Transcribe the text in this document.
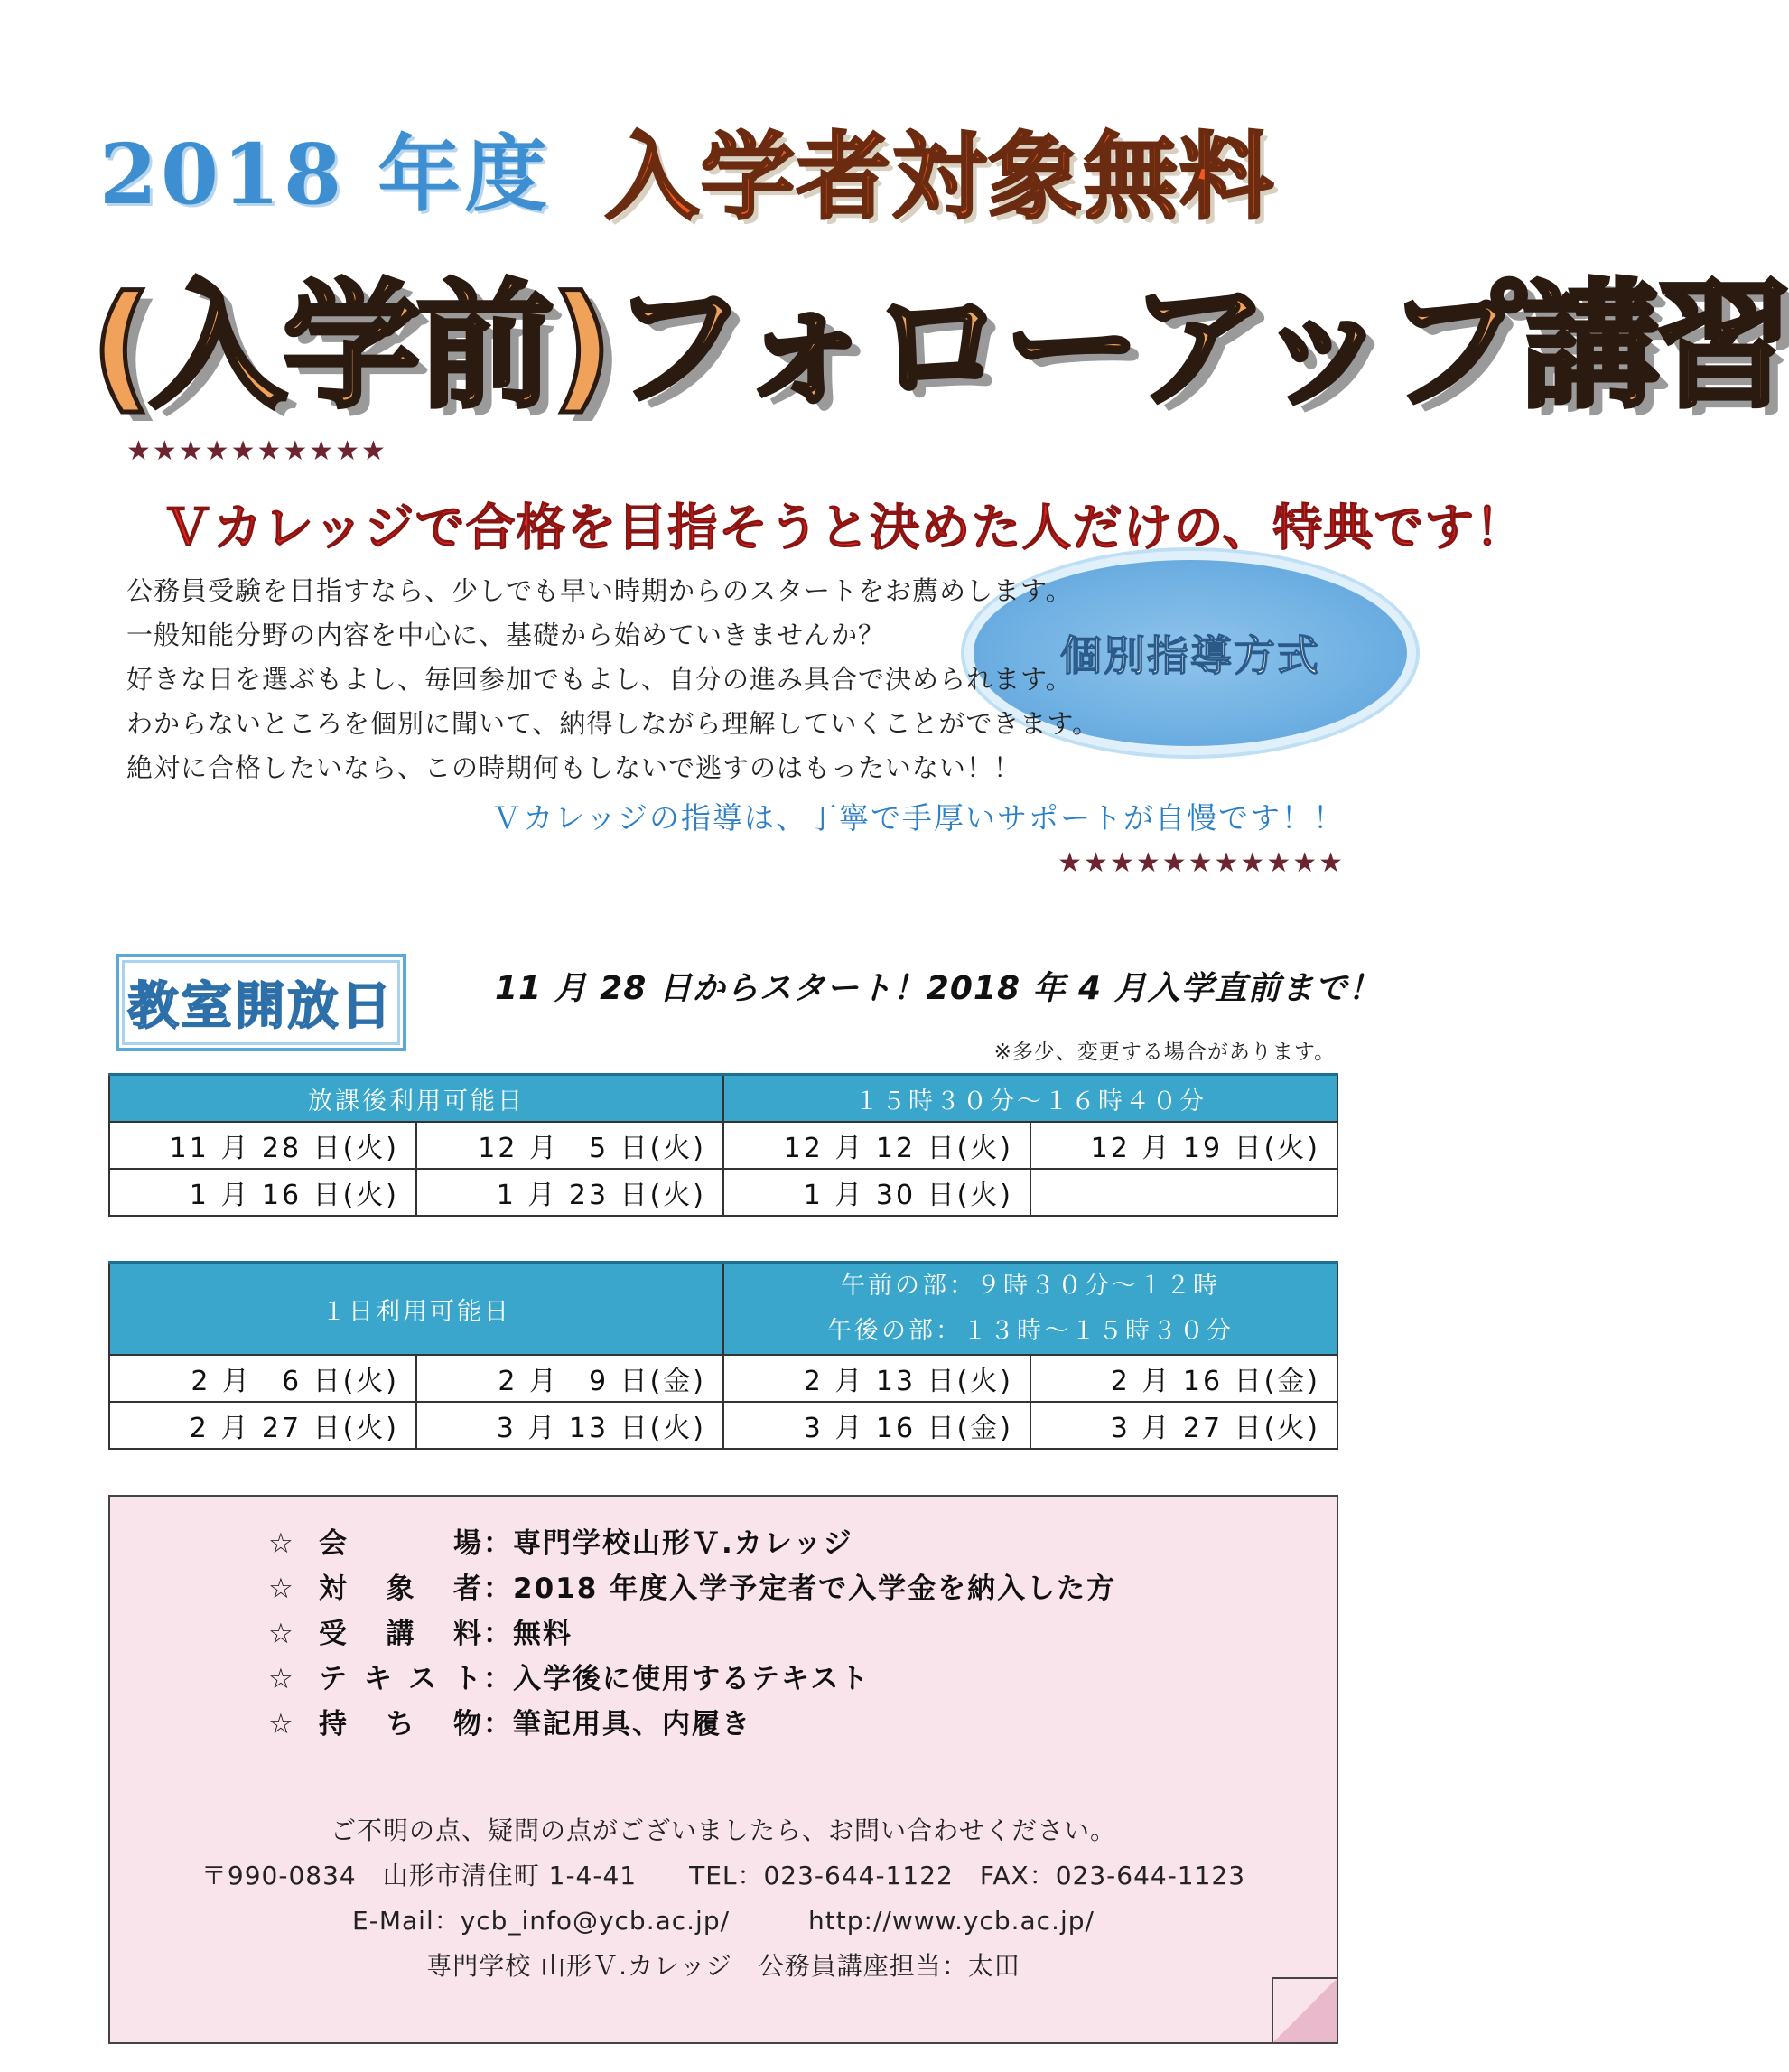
2018 年度 入学者対象無料
(入学前)フォローアップ講習
★★★★★★★★★★
Ｖカレッジで合格を目指そうと決めた人だけの、特典です！
個別指導方式
公務員受験を目指すなら、少しでも早い時期からのスタートをお薦めします。
一般知能分野の内容を中心に、基礎から始めていきませんか？
好きな日を選ぶもよし、毎回参加でもよし、自分の進み具合で決められます。
わからないところを個別に聞いて、納得しながら理解していくことができます。
絶対に合格したいなら、この時期何もしないで逃すのはもったいない！！
Ｖカレッジの指導は、丁寧で手厚いサポートが自慢です！！
★★★★★★★★★★★
教室開放日	11 月 28 日からスタート！2018 年 4 月入学直前まで！
※多少、変更する場合があります。
放課後利用可能日		１５時３０分～１６時４０分	
11 月 28 日(火)	12 月　5 日(火)	12 月 12 日(火)	12 月 19 日(火)
1 月 16 日(火)	1 月 23 日(火)	1 月 30 日(火)	
１日利用可能日		午前の部：９時３０分～１２時
午後の部：１３時～１５時３０分	

2 月　6 日(火)	2 月　9 日(金)	2 月 13 日(火)	2 月 16 日(金)
2 月 27 日(火)	3 月 13 日(火)	3 月 16 日(金)	3 月 27 日(火)
☆ 会場：専門学校山形Ｖ.カレッジ
☆ 対象者：2018 年度入学予定者で入学金を納入した方
☆ 受講料：無料
☆ テキスト：入学後に使用するテキスト
☆ 持ち物：筆記用具、内履き
ご不明の点、疑問の点がございましたら、お問い合わせください。
〒990-0834　山形市清住町 1-4-41　　TEL：023-644-1122　FAX：023-644-1123
E-Mail：ycb_info@ycb.ac.jp/　　　http://www.ycb.ac.jp/
専門学校 山形Ｖ.カレッジ　公務員講座担当：太田
